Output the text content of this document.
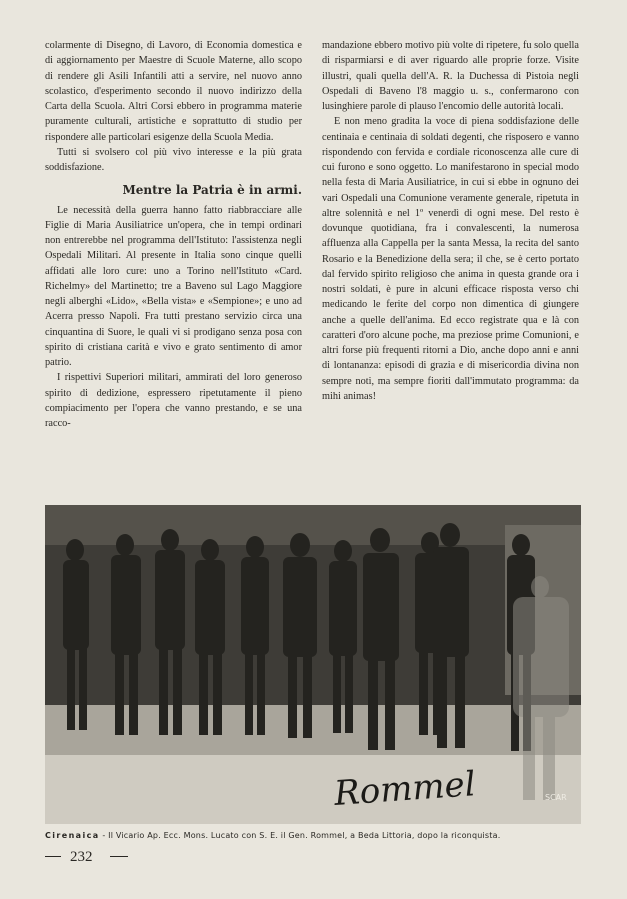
colarmente di Disegno, di Lavoro, di Economia domestica e di aggiornamento per Maestre di Scuole Materne, allo scopo di rendere gli Asili Infantili atti a servire, nel nuovo anno scolastico, d'esperimento secondo il nuovo indirizzo della Carta della Scuola. Altri Corsi ebbero in programma materie puramente culturali, artistiche e soprattutto di studio per rispondere alle particolari esigenze della Scuola Media.

Tutti si svolsero col più vivo interesse e la più grata soddisfazione.

Mentre la Patria è in armi.

Le necessità della guerra hanno fatto riabbracciare alle Figlie di Maria Ausiliatrice un'opera, che in tempi ordinari non entrerebbe nel programma dell'Istituto: l'assistenza negli Ospedali Militari. Al presente in Italia sono cinque quelli affidati alle loro cure: uno a Torino nell'Istituto «Card. Richelmy» del Martinetto; tre a Baveno sul Lago Maggiore negli alberghi «Lido», «Bella vista» e «Sempione»; e uno ad Acerra presso Napoli. Fra tutti prestano servizio circa una cinquantina di Suore, le quali vi si prodigano senza posa con spirito di cristiana carità e vivo e grato sentimento di amor patrio.

I rispettivi Superiori militari, ammirati del loro generoso spirito di dedizione, espressero ripetutamente il pieno compiacimento per l'opera che vanno prestando, e se una racco-

mandazione ebbero motivo più volte di ripetere, fu solo quella di risparmiarsi e di aver riguardo alle proprie forze. Visite illustri, quali quella dell'A. R. la Duchessa di Pistoia negli Ospedali di Baveno l'8 maggio u. s., confermarono con lusinghiere parole di plauso l'encomio delle autorità locali.

E non meno gradita la voce di piena soddisfazione delle centinaia e centinaia di soldati degenti, che risposero e vanno rispondendo con fervida e cordiale riconoscenza alle cure di cui furono e sono oggetto. Lo manifestarono in special modo nella festa di Maria Ausiliatrice, in cui si ebbe in ognuno dei vari Ospedali una Comunione veramente generale, ripetuta in altre solennità e nel 1º venerdì di ogni mese. Del resto è dovunque quotidiana, fra i convalescenti, la numerosa affluenza alla Cappella per la santa Messa, la recita del santo Rosario e la Benedizione della sera; il che, se è certo portato dal fervido spirito religioso che anima in questa grande ora i nostri soldati, è pure in alcuni efficace risposta verso chi medicando le ferite del corpo non dimentica di giungere anche a quelle dell'anima. Ed ecco registrate qua e là con caratteri d'oro alcune poche, ma preziose prime Comunioni, e altri forse più frequenti ritorni a Dio, anche dopo anni e anni di lontananza: episodi di grazia e di misericordia divina non sempre noti, ma sempre fioriti dall'immutato programma: da mihi animas!

Rommel	SCAR
Cirenaica - Il Vicario Ap. Ecc. Mons. Lucato con S. E. il Gen. Rommel, a Beda Littoria, dopo la riconquista.
232
